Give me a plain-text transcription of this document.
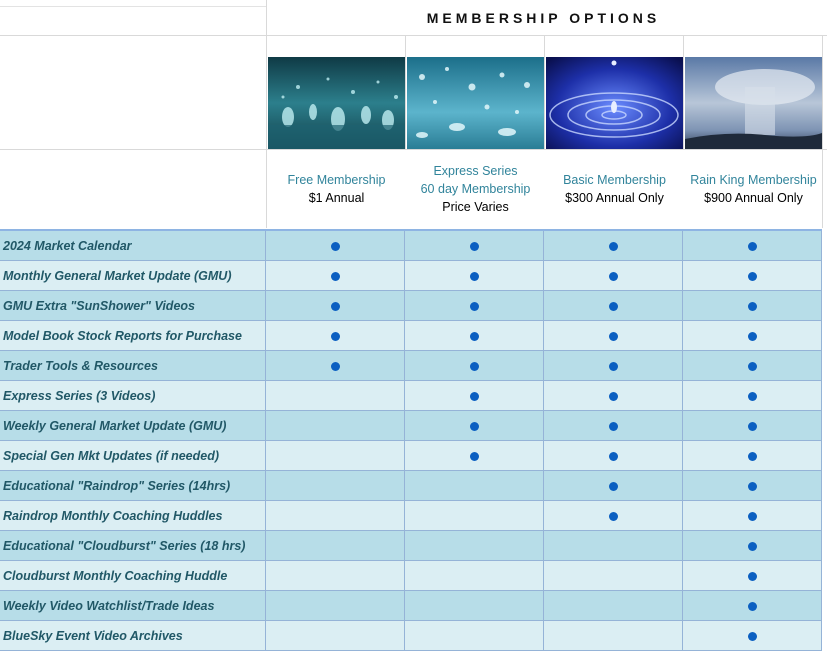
MEMBERSHIP OPTIONS
Free Membership
$1 Annual
Express Series
60 day Membership
Price Varies
Basic Membership
$300 Annual Only
Rain King Membership
$900 Annual Only
2024 Market Calendar
Monthly General Market Update (GMU)
GMU Extra "SunShower" Videos
Model Book Stock Reports for Purchase
Trader Tools & Resources
Express Series (3 Videos)
Weekly General Market Update (GMU)
Special Gen Mkt Updates (if needed)
Educational "Raindrop" Series (14hrs)
Raindrop Monthly Coaching Huddles
Educational "Cloudburst" Series (18 hrs)
Cloudburst Monthly Coaching Huddle
Weekly Video Watchlist/Trade Ideas
BlueSky Event Video Archives
